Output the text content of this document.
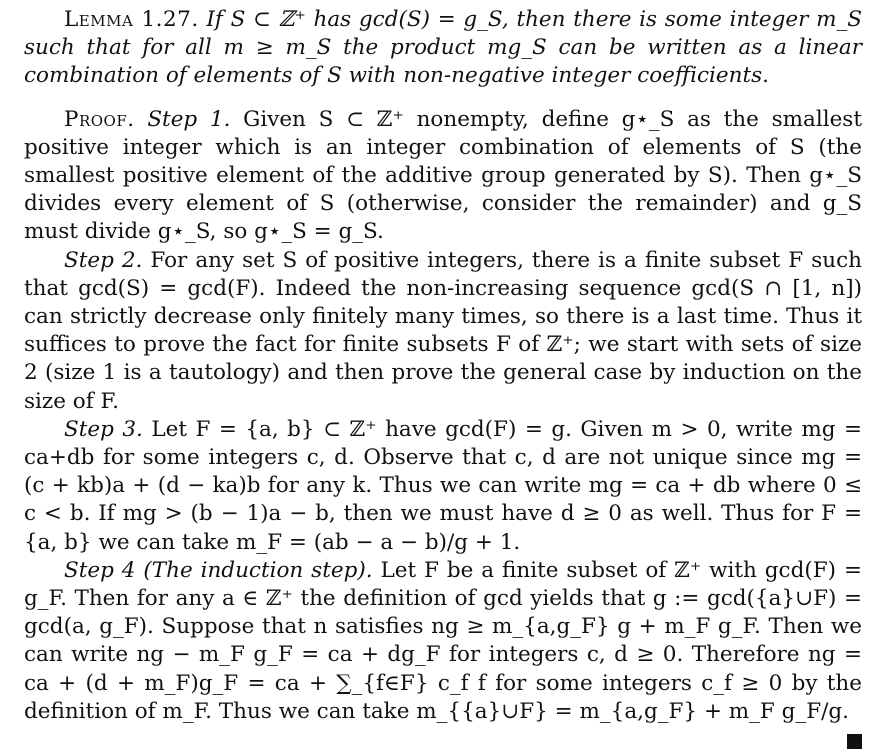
Lemma 1.27. If S ⊂ ℤ⁺ has gcd(S) = g_S, then there is some integer m_S such that for all m ≥ m_S the product mg_S can be written as a linear combination of elements of S with non-negative integer coefficients.

Proof. Step 1. Given S ⊂ ℤ⁺ nonempty, define g⋆_S as the smallest positive integer which is an integer combination of elements of S (the smallest positive element of the additive group generated by S). Then g⋆_S divides every element of S (otherwise, consider the remainder) and g_S must divide g⋆_S, so g⋆_S = g_S.

Step 2. For any set S of positive integers, there is a finite subset F such that gcd(S) = gcd(F). Indeed the non-increasing sequence gcd(S ∩ [1, n]) can strictly decrease only finitely many times, so there is a last time. Thus it suffices to prove the fact for finite subsets F of ℤ⁺; we start with sets of size 2 (size 1 is a tautology) and then prove the general case by induction on the size of F.

Step 3. Let F = {a, b} ⊂ ℤ⁺ have gcd(F) = g. Given m > 0, write mg = ca+db for some integers c, d. Observe that c, d are not unique since mg = (c + kb)a + (d − ka)b for any k. Thus we can write mg = ca + db where 0 ≤ c < b. If mg > (b − 1)a − b, then we must have d ≥ 0 as well. Thus for F = {a, b} we can take m_F = (ab − a − b)/g + 1.

Step 4 (The induction step). Let F be a finite subset of ℤ⁺ with gcd(F) = g_F. Then for any a ∈ ℤ⁺ the definition of gcd yields that g := gcd({a}∪F) = gcd(a, g_F). Suppose that n satisfies ng ≥ m_{a,g_F} g + m_F g_F. Then we can write ng − m_F g_F = ca + dg_F for integers c, d ≥ 0. Therefore ng = ca + (d + m_F)g_F = ca + ∑_{f∈F} c_f f for some integers c_f ≥ 0 by the definition of m_F. Thus we can take m_{{a}∪F} = m_{a,g_F} + m_F g_F/g.
